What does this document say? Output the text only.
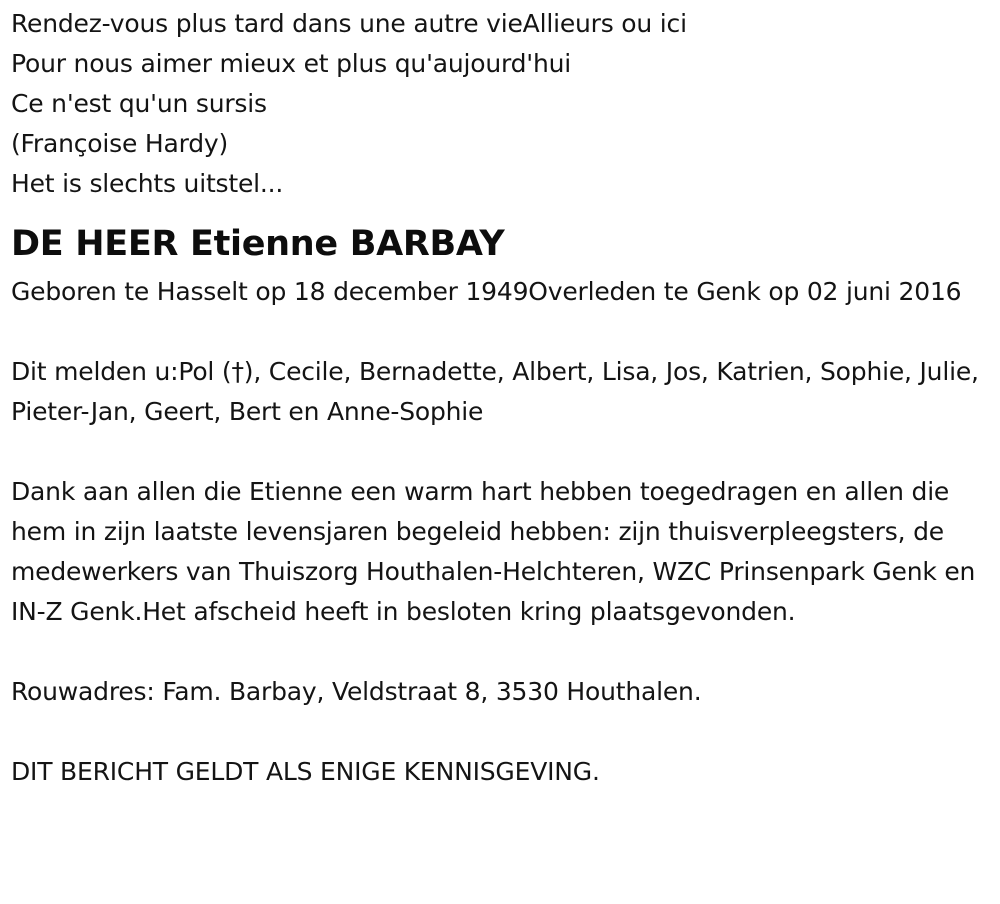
Rendez-vous plus tard dans une autre vieAllieurs ou ici
Pour nous aimer mieux et plus qu'aujourd'hui
Ce n'est qu'un sursis
(Françoise Hardy)
Het is slechts uitstel...
DE HEER Etienne BARBAY
Geboren te Hasselt op 18 december 1949Overleden te Genk op 02 juni 2016
Dit melden u:Pol (†), Cecile, Bernadette, Albert, Lisa, Jos, Katrien, Sophie, Julie, Pieter-Jan, Geert, Bert en Anne-Sophie
Dank aan allen die Etienne een warm hart hebben toegedragen en allen die hem in zijn laatste levensjaren begeleid hebben: zijn thuisverpleegsters, de medewerkers van Thuiszorg Houthalen-Helchteren, WZC Prinsenpark Genk en IN-Z Genk.Het afscheid heeft in besloten kring plaatsgevonden.
Rouwadres: Fam. Barbay, Veldstraat 8, 3530 Houthalen.
DIT BERICHT GELDT ALS ENIGE KENNISGEVING.
